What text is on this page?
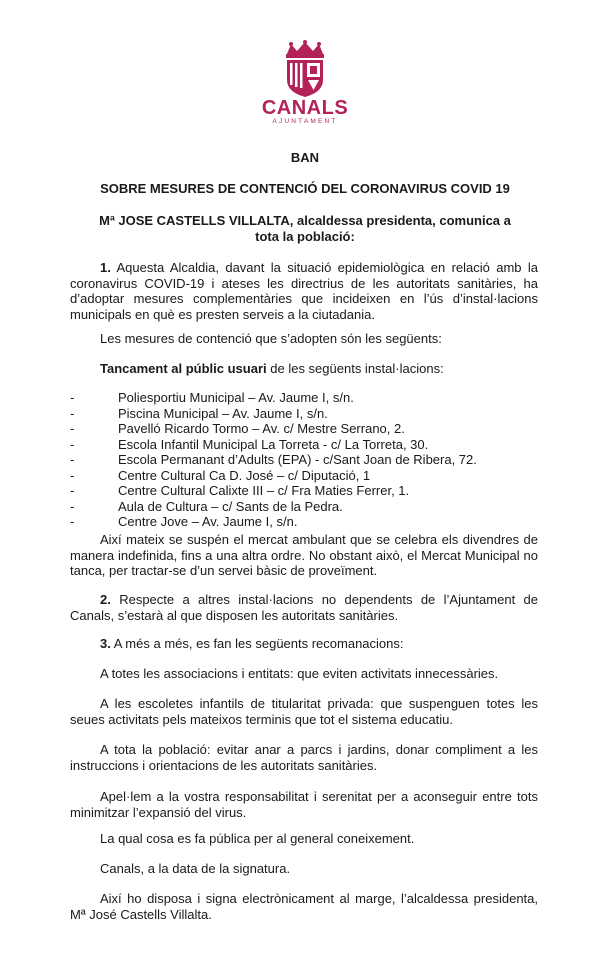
CANALS
AJUNTAMENT
BAN
SOBRE MESURES DE CONTENCIÓ DEL CORONAVIRUS COVID 19
Mª JOSE CASTELLS VILLALTA, alcaldessa presidenta, comunica a tota la població:

1. Aquesta Alcaldia, davant la situació epidemiològica en relació amb la coronavirus COVID-19 i ateses les directrius de les autoritats sanitàries, ha d’adoptar mesures complementàries que incideixen en l’ús d’instal·lacions municipals en què es presten serveis a la ciutadania.

Les mesures de contenció que s’adopten són les següents:

Tancament al públic usuari de les següents instal·lacions:

- Poliesportiu Municipal – Av. Jaume I, s/n.
- Piscina Municipal – Av. Jaume I, s/n.
- Pavelló Ricardo Tormo – Av. c/ Mestre Serrano, 2.
- Escola Infantil Municipal La Torreta - c/ La Torreta, 30.
- Escola Permanant d’Adults (EPA) - c/Sant Joan de Ribera, 72.
- Centre Cultural Ca D. José – c/ Diputació, 1
- Centre Cultural Calixte III – c/ Fra Maties Ferrer, 1.
- Aula de Cultura – c/ Sants de la Pedra.
- Centre Jove – Av. Jaume I, s/n.

Així mateix se suspén el mercat ambulant que se celebra els divendres de manera indefinida, fins a una altra ordre. No obstant això, el Mercat Municipal no tanca, per tractar-se d’un servei bàsic de proveïment.

2. Respecte a altres instal·lacions no dependents de l’Ajuntament de Canals, s’estarà al que disposen les autoritats sanitàries.

3. A més a més, es fan les següents recomanacions:

A totes les associacions i entitats: que eviten activitats innecessàries.

A les escoletes infantils de titularitat privada: que suspenguen totes les seues activitats pels mateixos terminis que tot el sistema educatiu.

A tota la població: evitar anar a parcs i jardins, donar compliment a les instruccions i orientacions de les autoritats sanitàries.

Apel·lem a la vostra responsabilitat i serenitat per a aconseguir entre tots minimitzar l’expansió del virus.

La qual cosa es fa pública per al general coneixement.

Canals, a la data de la signatura.

Així ho disposa i signa electrònicament al marge, l’alcaldessa presidenta, Mª José Castells Villalta.
